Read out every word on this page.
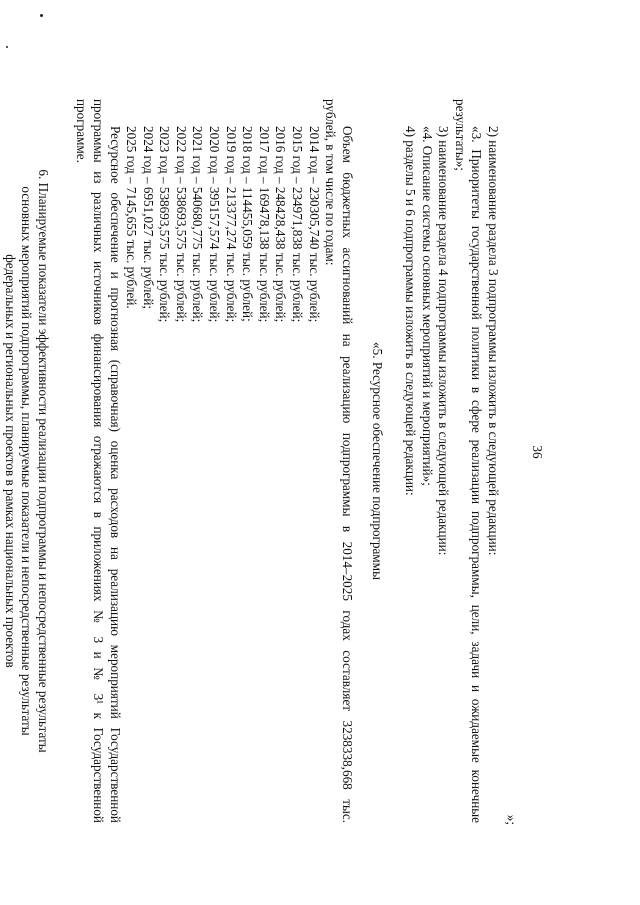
36
»;

2) наименование раздела 3 подпрограммы изложить в следующей редакции:

«3. Приоритеты государственной политики в сфере реализации подпрограммы, цели, задачи и ожидаемые конечные

результаты»;

3) наименование раздела 4 подпрограммы изложить в следующей редакции:

«4. Описание системы основных мероприятий и мероприятий»;

4) разделы 5 и 6 подпрограммы изложить в следующей редакции:

«5. Ресурсное обеспечение подпрограммы

Объем бюджетных ассигнований на реализацию подпрограммы в 2014–2025 годах составляет 3238338,668 тыс.

рублей, в том числе по годам:

2014 год – 230305,740 тыс. рублей;
2015 год – 234971,838 тыс. рублей;
2016 год – 248428,438 тыс. рублей;
2017 год – 169478,138 тыс. рублей;
2018 год – 114455,059 тыс. рублей;
2019 год – 213377,274 тыс. рублей;
2020 год – 395157,574 тыс. рублей;
2021 год – 540680,775 тыс. рублей;
2022 год – 538693,575 тыс. рублей;
2023 год – 538693,575 тыс. рублей;
2024 год – 6951,027 тыс. рублей;
2025 год – 7145,655 тыс. рублей.

Ресурсное обеспечение и прогнозная (справочная) оценка расходов на реализацию мероприятий Государственной

программы из различных источников финансирования отражаются в приложениях № 3 и № 3¹ к Государственной

программе.

6. Планируемые показатели эффективности реализации подпрограммы и непосредственные результаты

основных мероприятий подпрограммы, планируемые показатели и непосредственные результаты

федеральных и региональных проектов в рамках национальных проектов
